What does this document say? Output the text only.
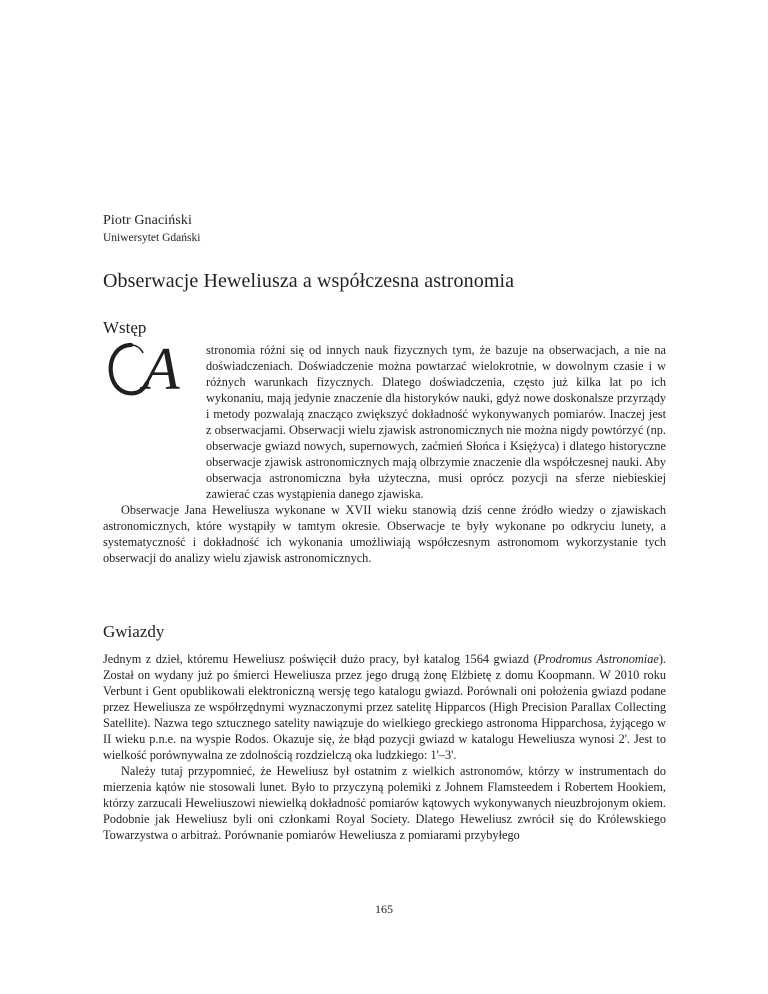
Piotr Gnaciński
Uniwersytet Gdański
Obserwacje Heweliusza a współczesna astronomia
Wstęp
A	stronomia różni się od innych nauk fizycznych tym, że bazuje na obserwacjach, a nie na doświadczeniach. Doświadczenie można powtarzać wielokrotnie, w dowolnym czasie i w różnych warunkach fizycznych. Dlatego doświadczenia, często już kilka lat po ich wykonaniu, mają jedynie znaczenie dla historyków nauki, gdyż nowe doskonalsze przyrządy i metody pozwalają znacząco zwiększyć dokładność wykonywanych pomiarów. Inaczej jest z obserwacjami. Obserwacji wielu zjawisk astronomicznych nie można nigdy powtórzyć (np. obserwacje gwiazd nowych, supernowych, zaćmień Słońca i Księżyca) i dlatego historyczne obserwacje zjawisk astronomicznych mają olbrzymie znaczenie dla współczesnej nauki. Aby obserwacja astronomiczna była użyteczna, musi oprócz pozycji na sferze niebieskiej zawierać czas wystąpienia danego zjawiska.

Obserwacje Jana Heweliusza wykonane w XVII wieku stanowią dziś cenne źródło wiedzy o zjawiskach astronomicznych, które wystąpiły w tamtym okresie. Obserwacje te były wykonane po odkryciu lunety, a systematyczność i dokładność ich wykonania umożliwiają współczesnym astronomom wykorzystanie tych obserwacji do analizy wielu zjawisk astronomicznych.

Gwiazdy

Jednym z dzieł, któremu Heweliusz poświęcił dużo pracy, był katalog 1564 gwiazd (Prodromus Astronomiae). Został on wydany już po śmierci Heweliusza przez jego drugą żonę Elżbietę z domu Koopmann. W 2010 roku Verbunt i Gent opublikowali elektroniczną wersję tego katalogu gwiazd. Porównali oni położenia gwiazd podane przez Heweliusza ze współrzędnymi wyznaczonymi przez satelitę Hipparcos (High Precision Parallax Collecting Satellite). Nazwa tego sztucznego satelity nawiązuje do wielkiego greckiego astronoma Hipparchosa, żyjącego w II wieku p.n.e. na wyspie Rodos. Okazuje się, że błąd pozycji gwiazd w katalogu Heweliusza wynosi 2'. Jest to wielkość porównywalna ze zdolnością rozdzielczą oka ludzkiego: 1'–3'.

Należy tutaj przypomnieć, że Heweliusz był ostatnim z wielkich astronomów, którzy w instrumentach do mierzenia kątów nie stosowali lunet. Było to przyczyną polemiki z Johnem Flamsteedem i Robertem Hookiem, którzy zarzucali Heweliuszowi niewielką dokładność pomiarów kątowych wykonywanych nieuzbrojonym okiem. Podobnie jak Heweliusz byli oni członkami Royal Society. Dlatego Heweliusz zwrócił się do Królewskiego Towarzystwa o arbitraż. Porównanie pomiarów Heweliusza z pomiarami przybyłego

165
